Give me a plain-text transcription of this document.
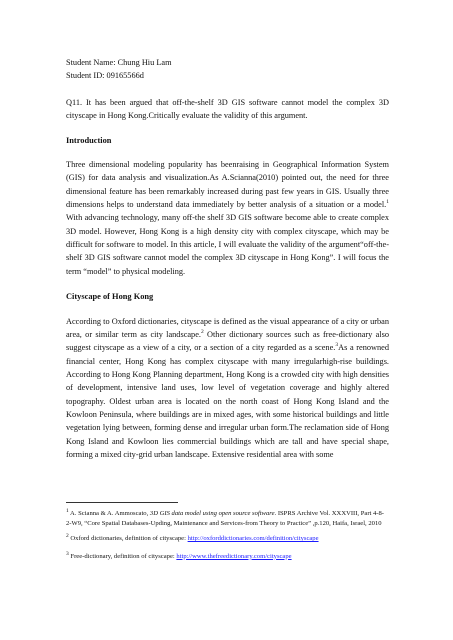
Student Name: Chung Hiu Lam

Student ID: 09165566d

Q11. It has been argued that off-the-shelf 3D GIS software cannot model the complex 3D cityscape in Hong Kong.Critically evaluate the validity of this argument.

Introduction

Three dimensional modeling popularity has beenraising in Geographical Information System (GIS) for data analysis and visualization.As A.Scianna(2010) pointed out, the need for three dimensional feature has been remarkably increased during past few years in GIS. Usually three dimensions helps to understand data immediately by better analysis of a situation or a model.$^1$ With advancing technology, many off-the shelf 3D GIS software become able to create complex 3D model. However, Hong Kong is a high density city with complex cityscape, which may be difficult for software to model. In this article, I will evaluate the validity of the argument“off-the-shelf 3D GIS software cannot model the complex 3D cityscape in Hong Kong”. I will focus the term “model” to physical modeling.

Cityscape of Hong Kong

According to Oxford dictionaries, cityscape is defined as the visual appearance of a city or urban area, or similar term as city landscape.$^2$ Other dictionary sources such as free-dictionary also suggest cityscape as a view of a city, or a section of a city regarded as a scene.$^3$As a renowned financial center, Hong Kong has complex cityscape with many irregularhigh-rise buildings. According to Hong Kong Planning department, Hong Kong is a crowded city with high densities of development, intensive land uses, low level of vegetation coverage and highly altered topography. Oldest urban area is located on the north coast of Hong Kong Island and the Kowloon Peninsula, where buildings are in mixed ages, with some historical buildings and little vegetation lying between, forming dense and irregular urban form.The reclamation side of Hong Kong Island and Kowloon lies commercial buildings which are tall and have special shape, forming a mixed city-grid urban landscape. Extensive residential area with some

$^1$ A. Scianna & A. Ammoscato, 3D GIS data model using open source software. ISPRS Archive Vol. XXXVIII, Part 4-8-2-W9, “Core Spatial Databases-Upding, Maintenance and Services-from Theory to Practice” ,p.120, Haifa, Israel, 2010

$^2$ Oxford dictionaries, definition of cityscape: http://oxforddictionaries.com/definition/cityscape

$^3$ Free-dictionary, definition of cityscape: http://www.thefreedictionary.com/cityscape
